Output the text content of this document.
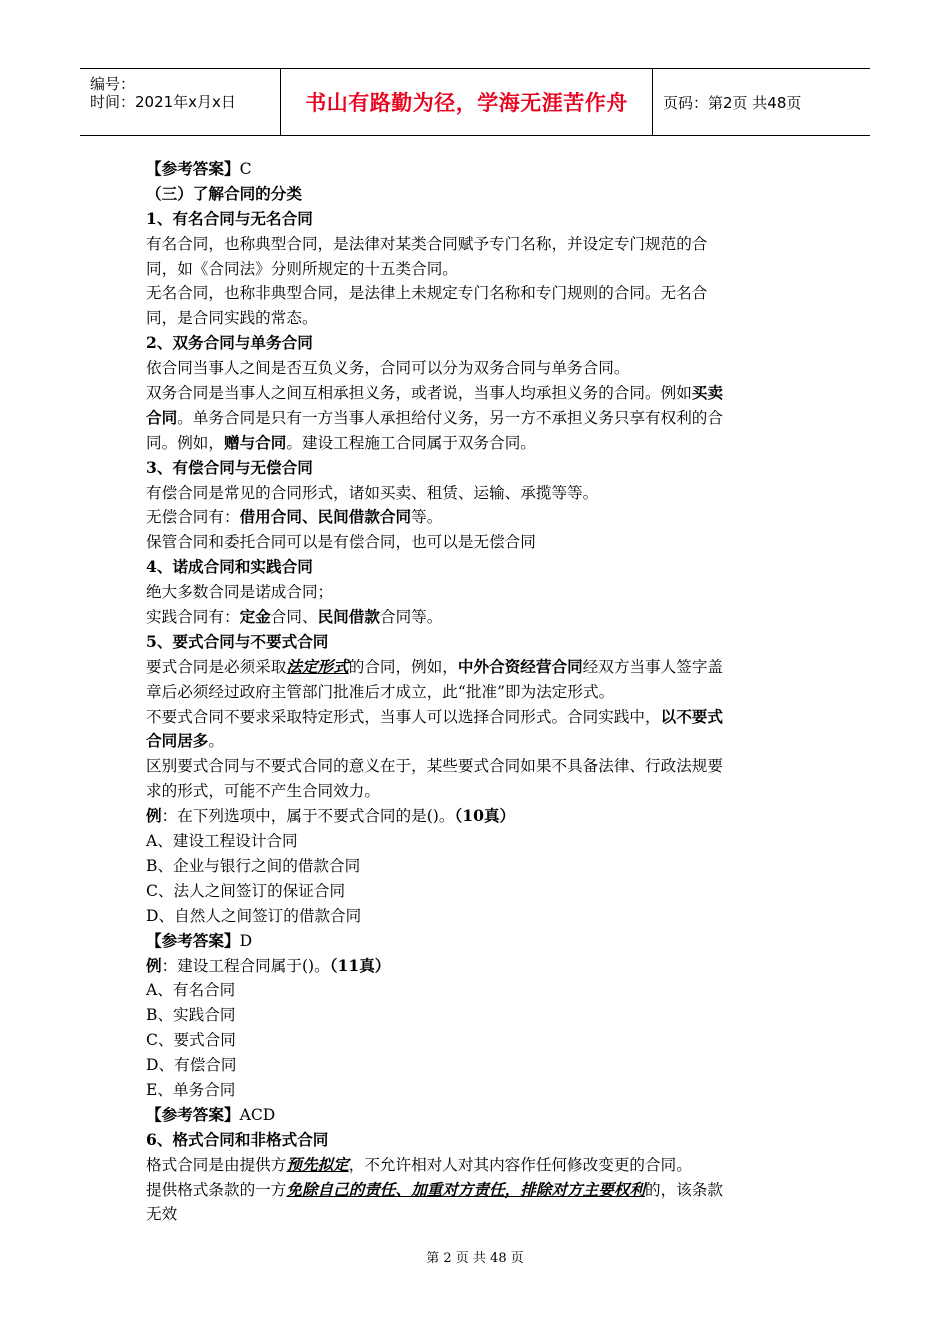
编号：
时间：2021年x月x日	书山有路勤为径，学海无涯苦作舟	页码：第2页 共48页
【参考答案】C
（三）了解合同的分类
1、有名合同与无名合同
有名合同，也称典型合同，是法律对某类合同赋予专门名称，并设定专门规范的合
同，如《合同法》分则所规定的十五类合同。
无名合同，也称非典型合同，是法律上未规定专门名称和专门规则的合同。无名合
同，是合同实践的常态。
2、双务合同与单务合同
依合同当事人之间是否互负义务，合同可以分为双务合同与单务合同。
双务合同是当事人之间互相承担义务，或者说，当事人均承担义务的合同。例如买卖
合同。单务合同是只有一方当事人承担给付义务，另一方不承担义务只享有权利的合
同。例如，赠与合同。建设工程施工合同属于双务合同。
3、有偿合同与无偿合同
有偿合同是常见的合同形式，诸如买卖、租赁、运输、承揽等等。
无偿合同有：借用合同、民间借款合同等。
保管合同和委托合同可以是有偿合同，也可以是无偿合同
4、诺成合同和实践合同
绝大多数合同是诺成合同；
实践合同有：定金合同、民间借款合同等。
5、要式合同与不要式合同
要式合同是必须采取法定形式的合同，例如，中外合资经营合同经双方当事人签字盖
章后必须经过政府主管部门批准后才成立，此“批准”即为法定形式。
不要式合同不要求采取特定形式，当事人可以选择合同形式。合同实践中，以不要式
合同居多。
区别要式合同与不要式合同的意义在于，某些要式合同如果不具备法律、行政法规要
求的形式，可能不产生合同效力。
例：在下列选项中，属于不要式合同的是()。（10真）
A、建设工程设计合同
B、企业与银行之间的借款合同
C、法人之间签订的保证合同
D、自然人之间签订的借款合同
【参考答案】D
例：建设工程合同属于()。（11真）
A、有名合同
B、实践合同
C、要式合同
D、有偿合同
E、单务合同
【参考答案】ACD
6、格式合同和非格式合同
格式合同是由提供方预先拟定，不允许相对人对其内容作任何修改变更的合同。
提供格式条款的一方免除自己的责任、加重对方责任，排除对方主要权利的，该条款
无效
第 2 页 共 48 页
